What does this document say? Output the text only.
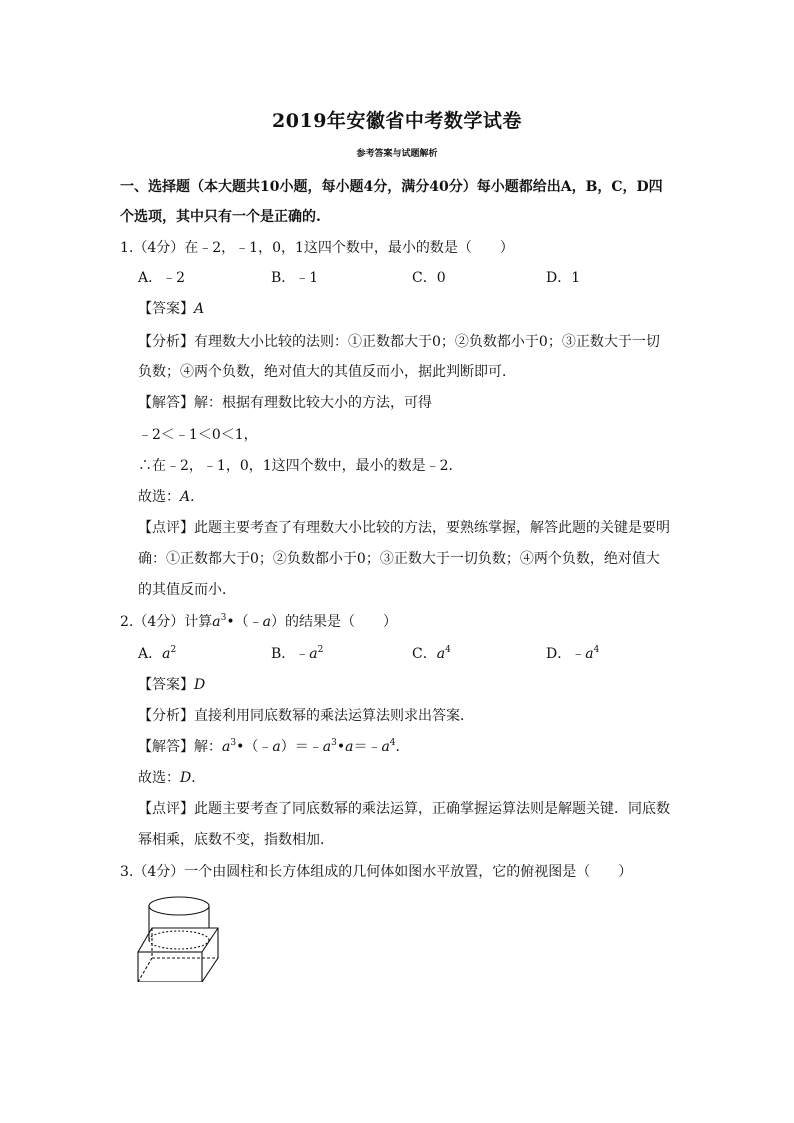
2019年安徽省中考数学试卷
参考答案与试题解析
一、选择题（本大题共10小题，每小题4分，满分40分）每小题都给出A，B，C，D四
个选项，其中只有一个是正确的.
1.（4分）在﹣2，﹣1，0，1这四个数中，最小的数是（　　）
A．﹣2	B．﹣1	C．0	D．1
【答案】A
【分析】有理数大小比较的法则：①正数都大于0；②负数都小于0；③正数大于一切
负数；④两个负数，绝对值大的其值反而小，据此判断即可．
【解答】解：根据有理数比较大小的方法，可得
﹣2＜﹣1＜0＜1，
∴在﹣2，﹣1，0，1这四个数中，最小的数是﹣2．
故选：A．
【点评】此题主要考查了有理数大小比较的方法，要熟练掌握，解答此题的关键是要明
确：①正数都大于0；②负数都小于0；③正数大于一切负数；④两个负数，绝对值大
的其值反而小．
2.（4分）计算$a^3•(﹣a)$的结果是（　　）
A．$a^2$	B．$﹣a^2$	C．$a^4$	D．$﹣a^4$
【答案】D
【分析】直接利用同底数幂的乘法运算法则求出答案．
【解答】解：$a^3•(﹣a)=﹣a^3•a=﹣a^4$．
故选：D．
【点评】此题主要考查了同底数幂的乘法运算，正确掌握运算法则是解题关键．同底数
幂相乘，底数不变，指数相加．
3.（4分）一个由圆柱和长方体组成的几何体如图水平放置，它的俯视图是（　　）
